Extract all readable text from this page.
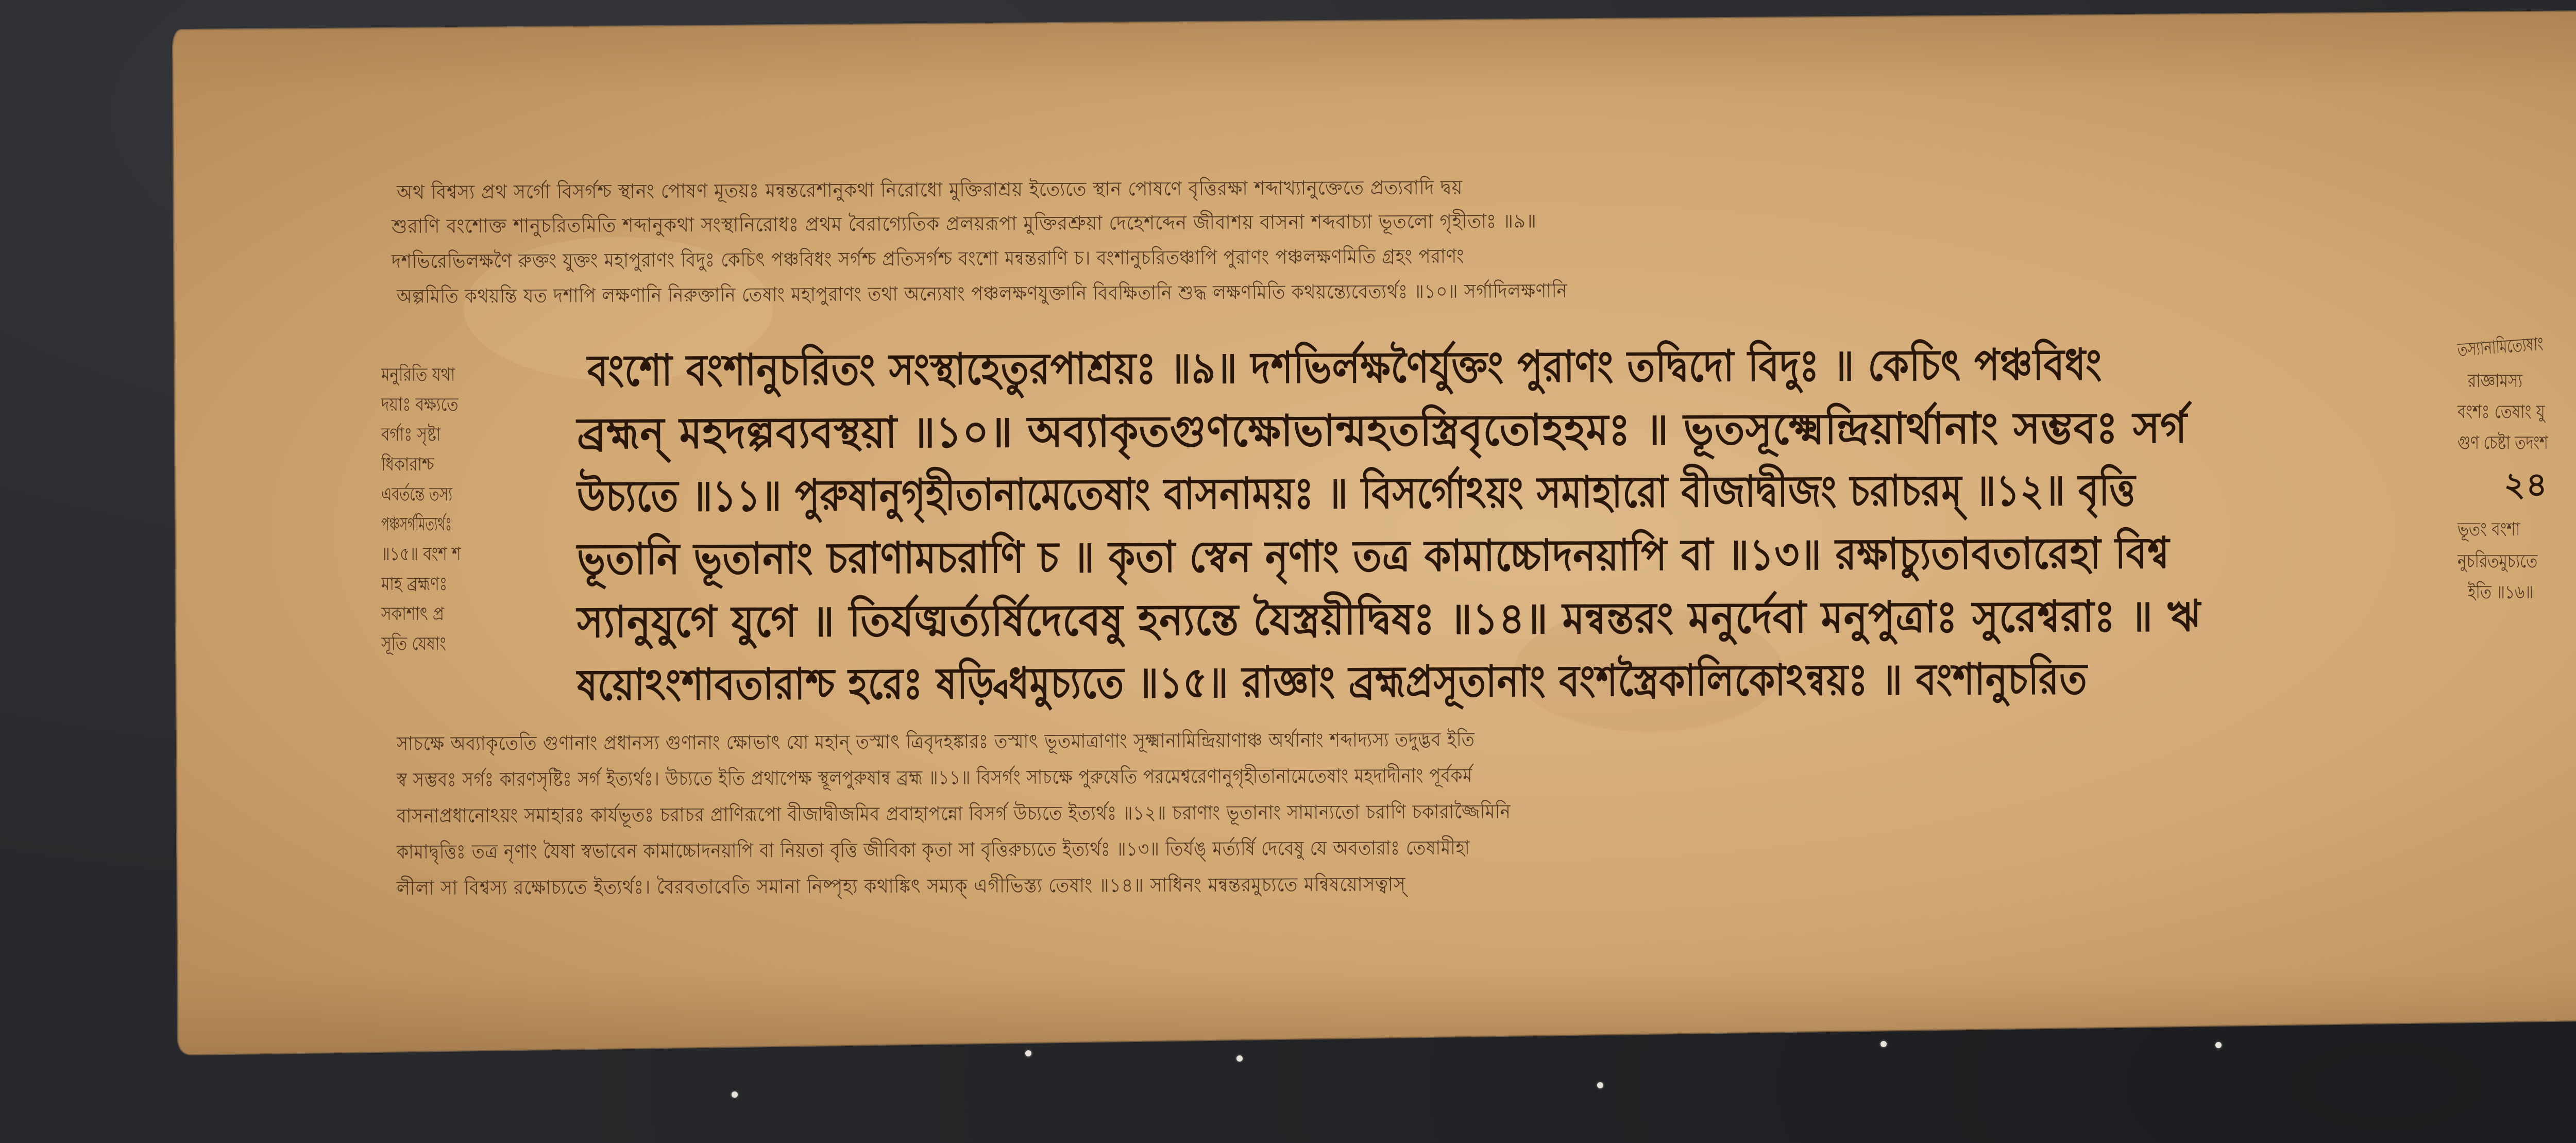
অথ বিশ্বস্য প্রথ সর্গো বিসর্গশ্চ স্থানং পোষণ মূতয়ঃ মন্বন্তরেশানুকথা নিরোধো মুক্তিরাশ্রয় ইত্যেতে স্থান পোষণে বৃত্তিরক্ষা শব্দাখ্যানুক্তেতে প্রত্যবাদি দ্বয়
শুরাণি বংশোক্ত শানুচরিতমিতি শব্দানুকথা সংস্থানিরোধঃ প্রথম বৈরাগ্যেতিক প্রলয়রূপা মুক্তিরশ্রুয়া দেহেশব্দেন জীবাশয় বাসনা শব্দবাচ্যা ভূতলো গৃহীতাঃ ॥৯॥
দশভিরেভিলক্ষণৈ রুক্তং যুক্তং মহাপুরাণং বিদুঃ কেচিৎ পঞ্চবিধং সর্গশ্চ প্রতিসর্গশ্চ বংশো মন্বন্তরাণি চ। বংশানুচরিতঞ্চাপি পুরাণং পঞ্চলক্ষণমিতি গ্রহং পরাণং
অল্পমিতি কথয়ন্তি যত দশাপি লক্ষণানি নিরুক্তানি তেষাং মহাপুরাণং তথা অন্যেষাং পঞ্চলক্ষণযুক্তানি বিবক্ষিতানি শুদ্ধ লক্ষণমিতি কথয়ন্ত্যেবেত্যর্থঃ ॥১০॥ সর্গাদিলক্ষণানি
বংশো বংশানুচরিতং সংস্থাহেতুরপাশ্রয়ঃ ॥৯॥ দশভির্লক্ষণৈর্যুক্তং পুরাণং তদ্বিদো বিদুঃ ॥ কেচিৎ পঞ্চবিধং
ব্রহ্মন্ মহদল্পব্যবস্থয়া ॥১০॥ অব্যাকৃতগুণক্ষোভান্মহতস্ত্রিবৃতোহহমঃ ॥ ভূতসূক্ষ্মেন্দ্রিয়ার্থানাং সম্ভবঃ সর্গ
উচ্যতে ॥১১॥ পুরুষানুগৃহীতানামেতেষাং বাসনাময়ঃ ॥ বিসর্গোঽয়ং সমাহারো বীজাদ্বীজং চরাচরম্ ॥১২॥ বৃত্তি
ভূতানি ভূতানাং চরাণামচরাণি চ ॥ কৃতা স্বেন নৃণাং তত্র কামাচ্চোদনয়াপি বা ॥১৩॥ রক্ষাচ্যুতাবতারেহা বিশ্ব
স্যানুযুগে যুগে ॥ তির্যঙ্মর্ত্যর্ষিদেবেষু হন্যন্তে যৈস্ত্রয়ীদ্বিষঃ ॥১৪॥ মন্বন্তরং মনুর্দেবা মনুপুত্রাঃ সুরেশ্বরাঃ ॥ ঋ
ষয়োঽংশাবতারাশ্চ হরেঃ ষড়্বিধমুচ্যতে ॥১৫॥ রাজ্ঞাং ব্রহ্মপ্রসূতানাং বংশস্ত্রৈকালিকোঽন্বয়ঃ ॥ বংশানুচরিত
মনুরিতি যথা
দয়াঃ বক্ষ্যতে
বর্গাঃ সৃষ্টা
ধিকারাশ্চ
এবৰ্তন্তে তস্য
পঞ্চসর্গমিত্যর্থঃ
॥১৫॥ বংশ শ
মাহ ব্রহ্মণঃ
সকাশাৎ প্র
সূতি যেষাং
তস্যানামিত্যেষাং
রাজ্ঞামস্য
বংশঃ তেষাং যু
গুণ চেষ্টা তদংশ
২৪
ভূতং বংশা
নুচরিতমুচ্যতে
ইতি ॥১৬॥
সাচক্ষে অব্যাকৃতেতি গুণানাং প্রধানস্য গুণানাং ক্ষোভাৎ যো মহান্ তস্মাৎ ত্রিবৃদহঙ্কারঃ তস্মাৎ ভূতমাত্রাণাং সূক্ষ্মানামিন্দ্রিয়াণাঞ্চ অর্থানাং শব্দাদ্যস্য তদুদ্ভব ইতি
স্ব সম্ভবঃ সর্গঃ কারণসৃষ্টিঃ সর্গ ইত্যর্থঃ। উচ্যতে ইতি প্রথাপেক্ষ স্থূলপুরুষান্ব ব্রহ্ম ॥১১॥ বিসর্গং সাচক্ষে পুরুষেতি পরমেশ্বরেণানুগৃহীতানামেতেষাং মহদাদীনাং পূর্বকর্ম
বাসনাপ্রধানোঽয়ং সমাহারঃ কার্যভূতঃ চরাচর প্রাণিরূপো বীজাদ্বীজমিব প্রবাহাপন্নো বিসর্গ উচ্যতে ইত্যর্থঃ ॥১২॥ চরাণাং ভূতানাং সামান্যতো চরাণি চকারাজ্জৈমিনি
কামাদ্বৃত্তিঃ তত্র নৃণাং যৈষা স্বভাবেন কামাচ্চোদনয়াপি বা নিয়তা বৃত্তি জীবিকা কৃতা সা বৃত্তিরুচ্যতে ইত্যর্থঃ ॥১৩॥ তির্যঙ্ মর্ত্যর্ষি দেবেষু যে অবতারাঃ তেষামীহা
লীলা সা বিশ্বস্য রক্ষোচ্যতে ইত্যর্থঃ। বৈরবতাবেতি সমানা নিষ্পৃহ্য কথাঙ্কিৎ সম্যক্ এগীভিস্ত্য তেষাং ॥১৪॥ সাধিনং মন্বন্তরমুচ্যতে মন্বিষয়োসত্বাস্
